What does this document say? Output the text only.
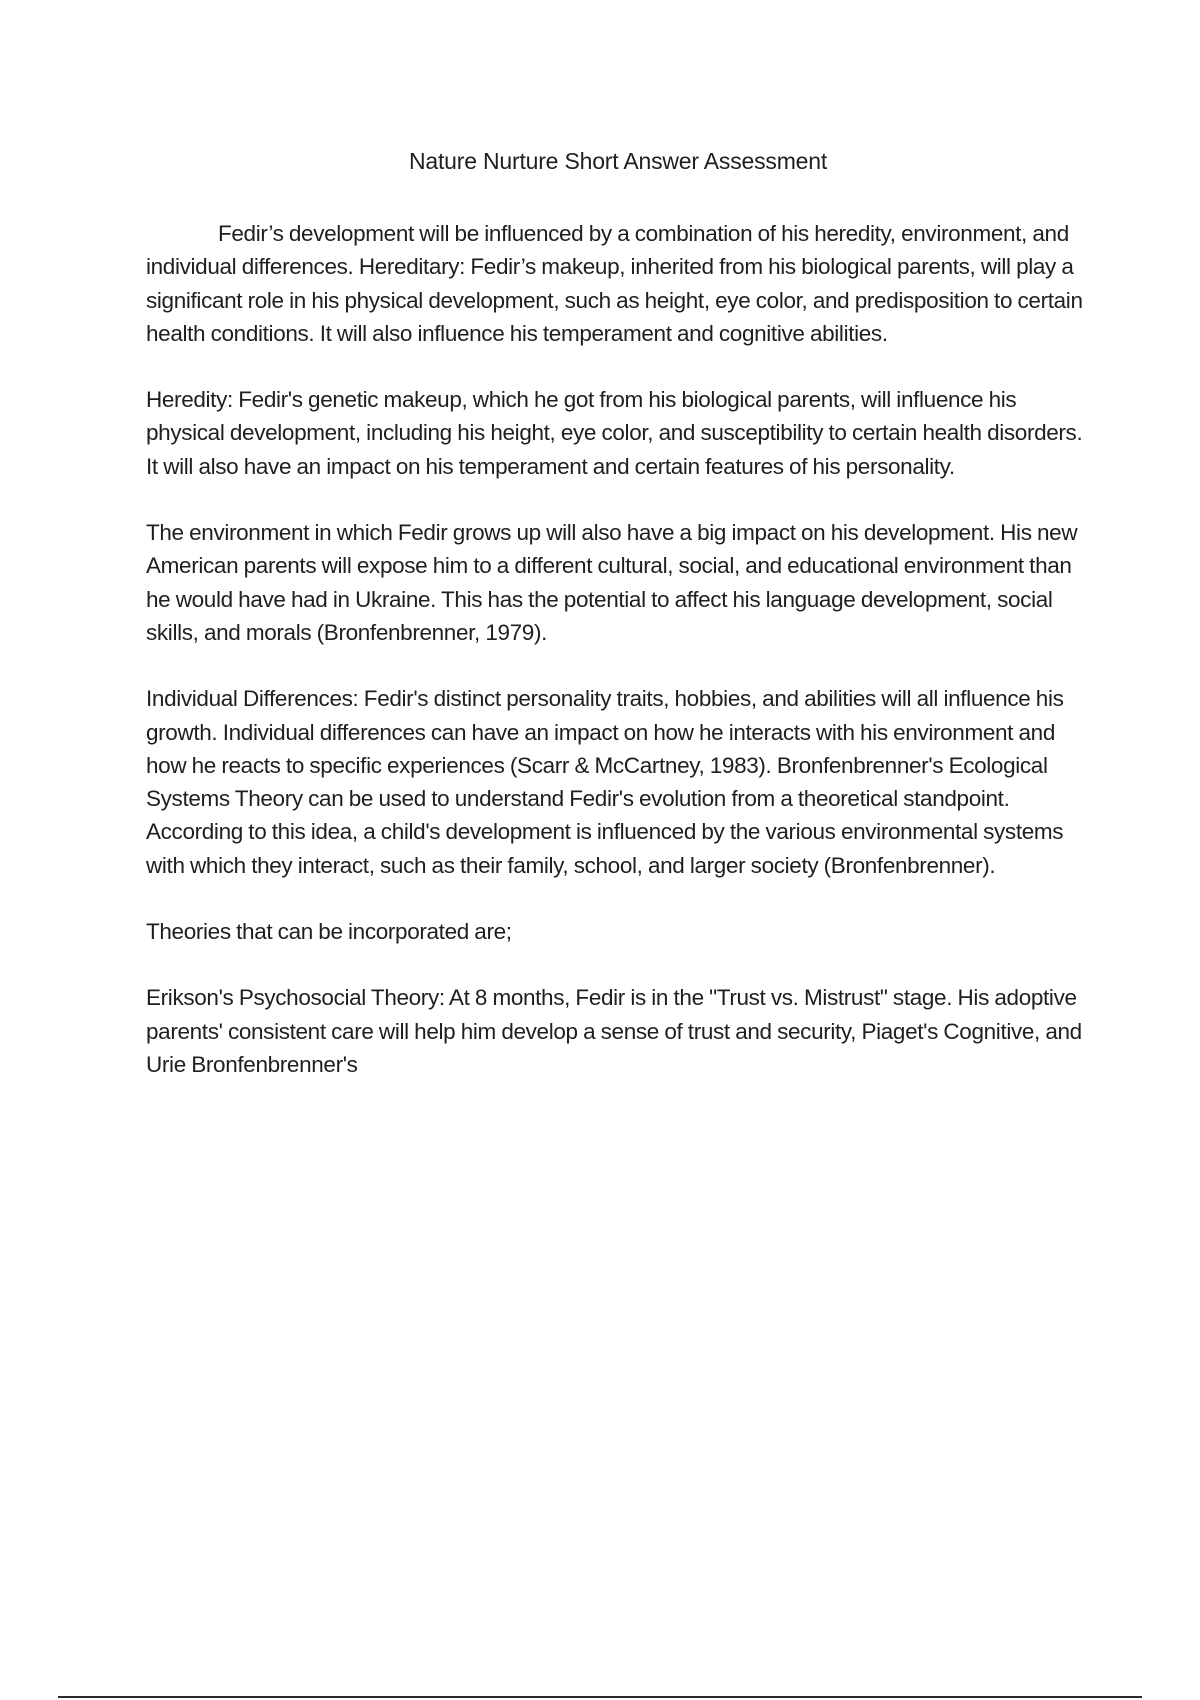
Nature Nurture Short Answer Assessment

Fedir’s development will be influenced by a combination of his heredity, environment, and individual differences. Hereditary: Fedir’s makeup, inherited from his biological parents, will play a significant role in his physical development, such as height, eye color, and predisposition to certain health conditions. It will also influence his temperament and cognitive abilities.

Heredity: Fedir's genetic makeup, which he got from his biological parents, will influence his physical development, including his height, eye color, and susceptibility to certain health disorders. It will also have an impact on his temperament and certain features of his personality.

The environment in which Fedir grows up will also have a big impact on his development. His new American parents will expose him to a different cultural, social, and educational environment than he would have had in Ukraine. This has the potential to affect his language development, social skills, and morals (Bronfenbrenner, 1979).

Individual Differences: Fedir's distinct personality traits, hobbies, and abilities will all influence his growth. Individual differences can have an impact on how he interacts with his environment and how he reacts to specific experiences (Scarr & McCartney, 1983). Bronfenbrenner's Ecological Systems Theory can be used to understand Fedir's evolution from a theoretical standpoint. According to this idea, a child's development is influenced by the various environmental systems with which they interact, such as their family, school, and larger society (Bronfenbrenner).

Theories that can be incorporated are;

Erikson's Psychosocial Theory: At 8 months, Fedir is in the "Trust vs. Mistrust" stage. His adoptive parents' consistent care will help him develop a sense of trust and security, Piaget's Cognitive, and Urie Bronfenbrenner's
